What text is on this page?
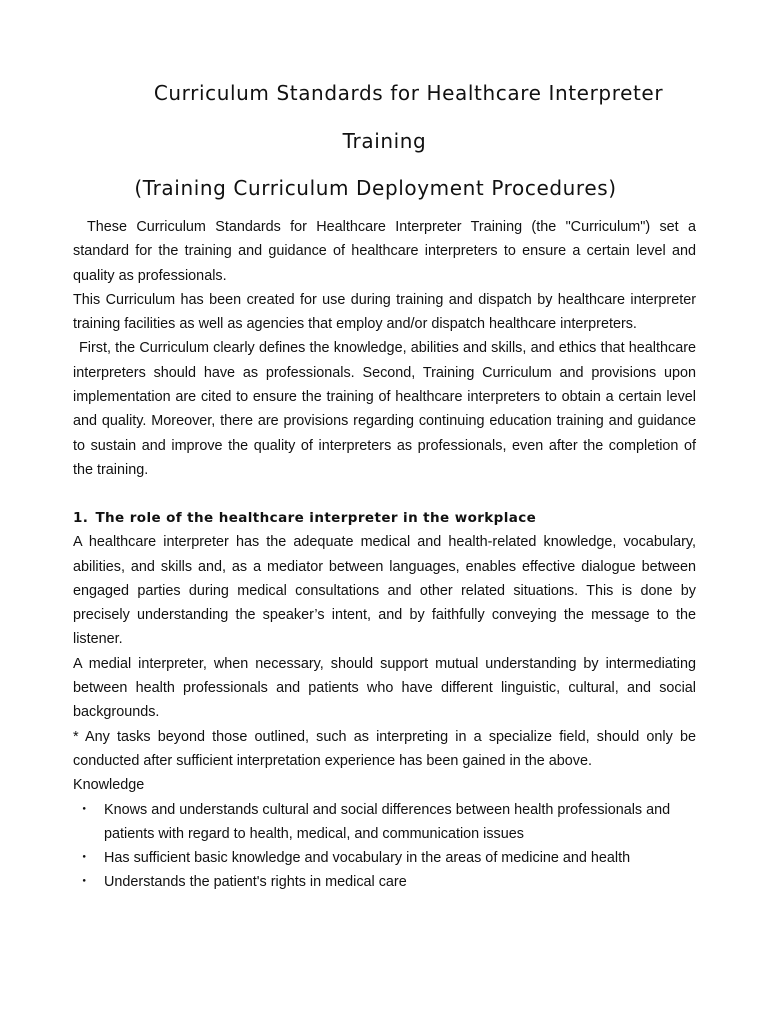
Curriculum Standards for Healthcare Interpreter
Training
(Training Curriculum Deployment Procedures)

These Curriculum Standards for Healthcare Interpreter Training (the "Curriculum") set a standard for the training and guidance of healthcare interpreters to ensure a certain level and quality as professionals.

This Curriculum has been created for use during training and dispatch by healthcare interpreter training facilities as well as agencies that employ and/or dispatch healthcare interpreters.

First, the Curriculum clearly defines the knowledge, abilities and skills, and ethics that healthcare interpreters should have as professionals. Second, Training Curriculum and provisions upon implementation are cited to ensure the training of healthcare interpreters to obtain a certain level and quality. Moreover, there are provisions regarding continuing education training and guidance to sustain and improve the quality of interpreters as professionals, even after the completion of the training.

1. The role of the healthcare interpreter in the workplace

A healthcare interpreter has the adequate medical and health-related knowledge, vocabulary, abilities, and skills and, as a mediator between languages, enables effective dialogue between engaged parties during medical consultations and other related situations. This is done by precisely understanding the speaker’s intent, and by faithfully conveying the message to the listener.

A medial interpreter, when necessary, should support mutual understanding by intermediating between health professionals and patients who have different linguistic, cultural, and social backgrounds.

* Any tasks beyond those outlined, such as interpreting in a specialize field, should only be conducted after sufficient interpretation experience has been gained in the above.

Knowledge
・ Knows and understands cultural and social differences between health professionals and patients with regard to health, medical, and communication issues
・ Has sufficient basic knowledge and vocabulary in the areas of medicine and health
・ Understands the patient's rights in medical care
